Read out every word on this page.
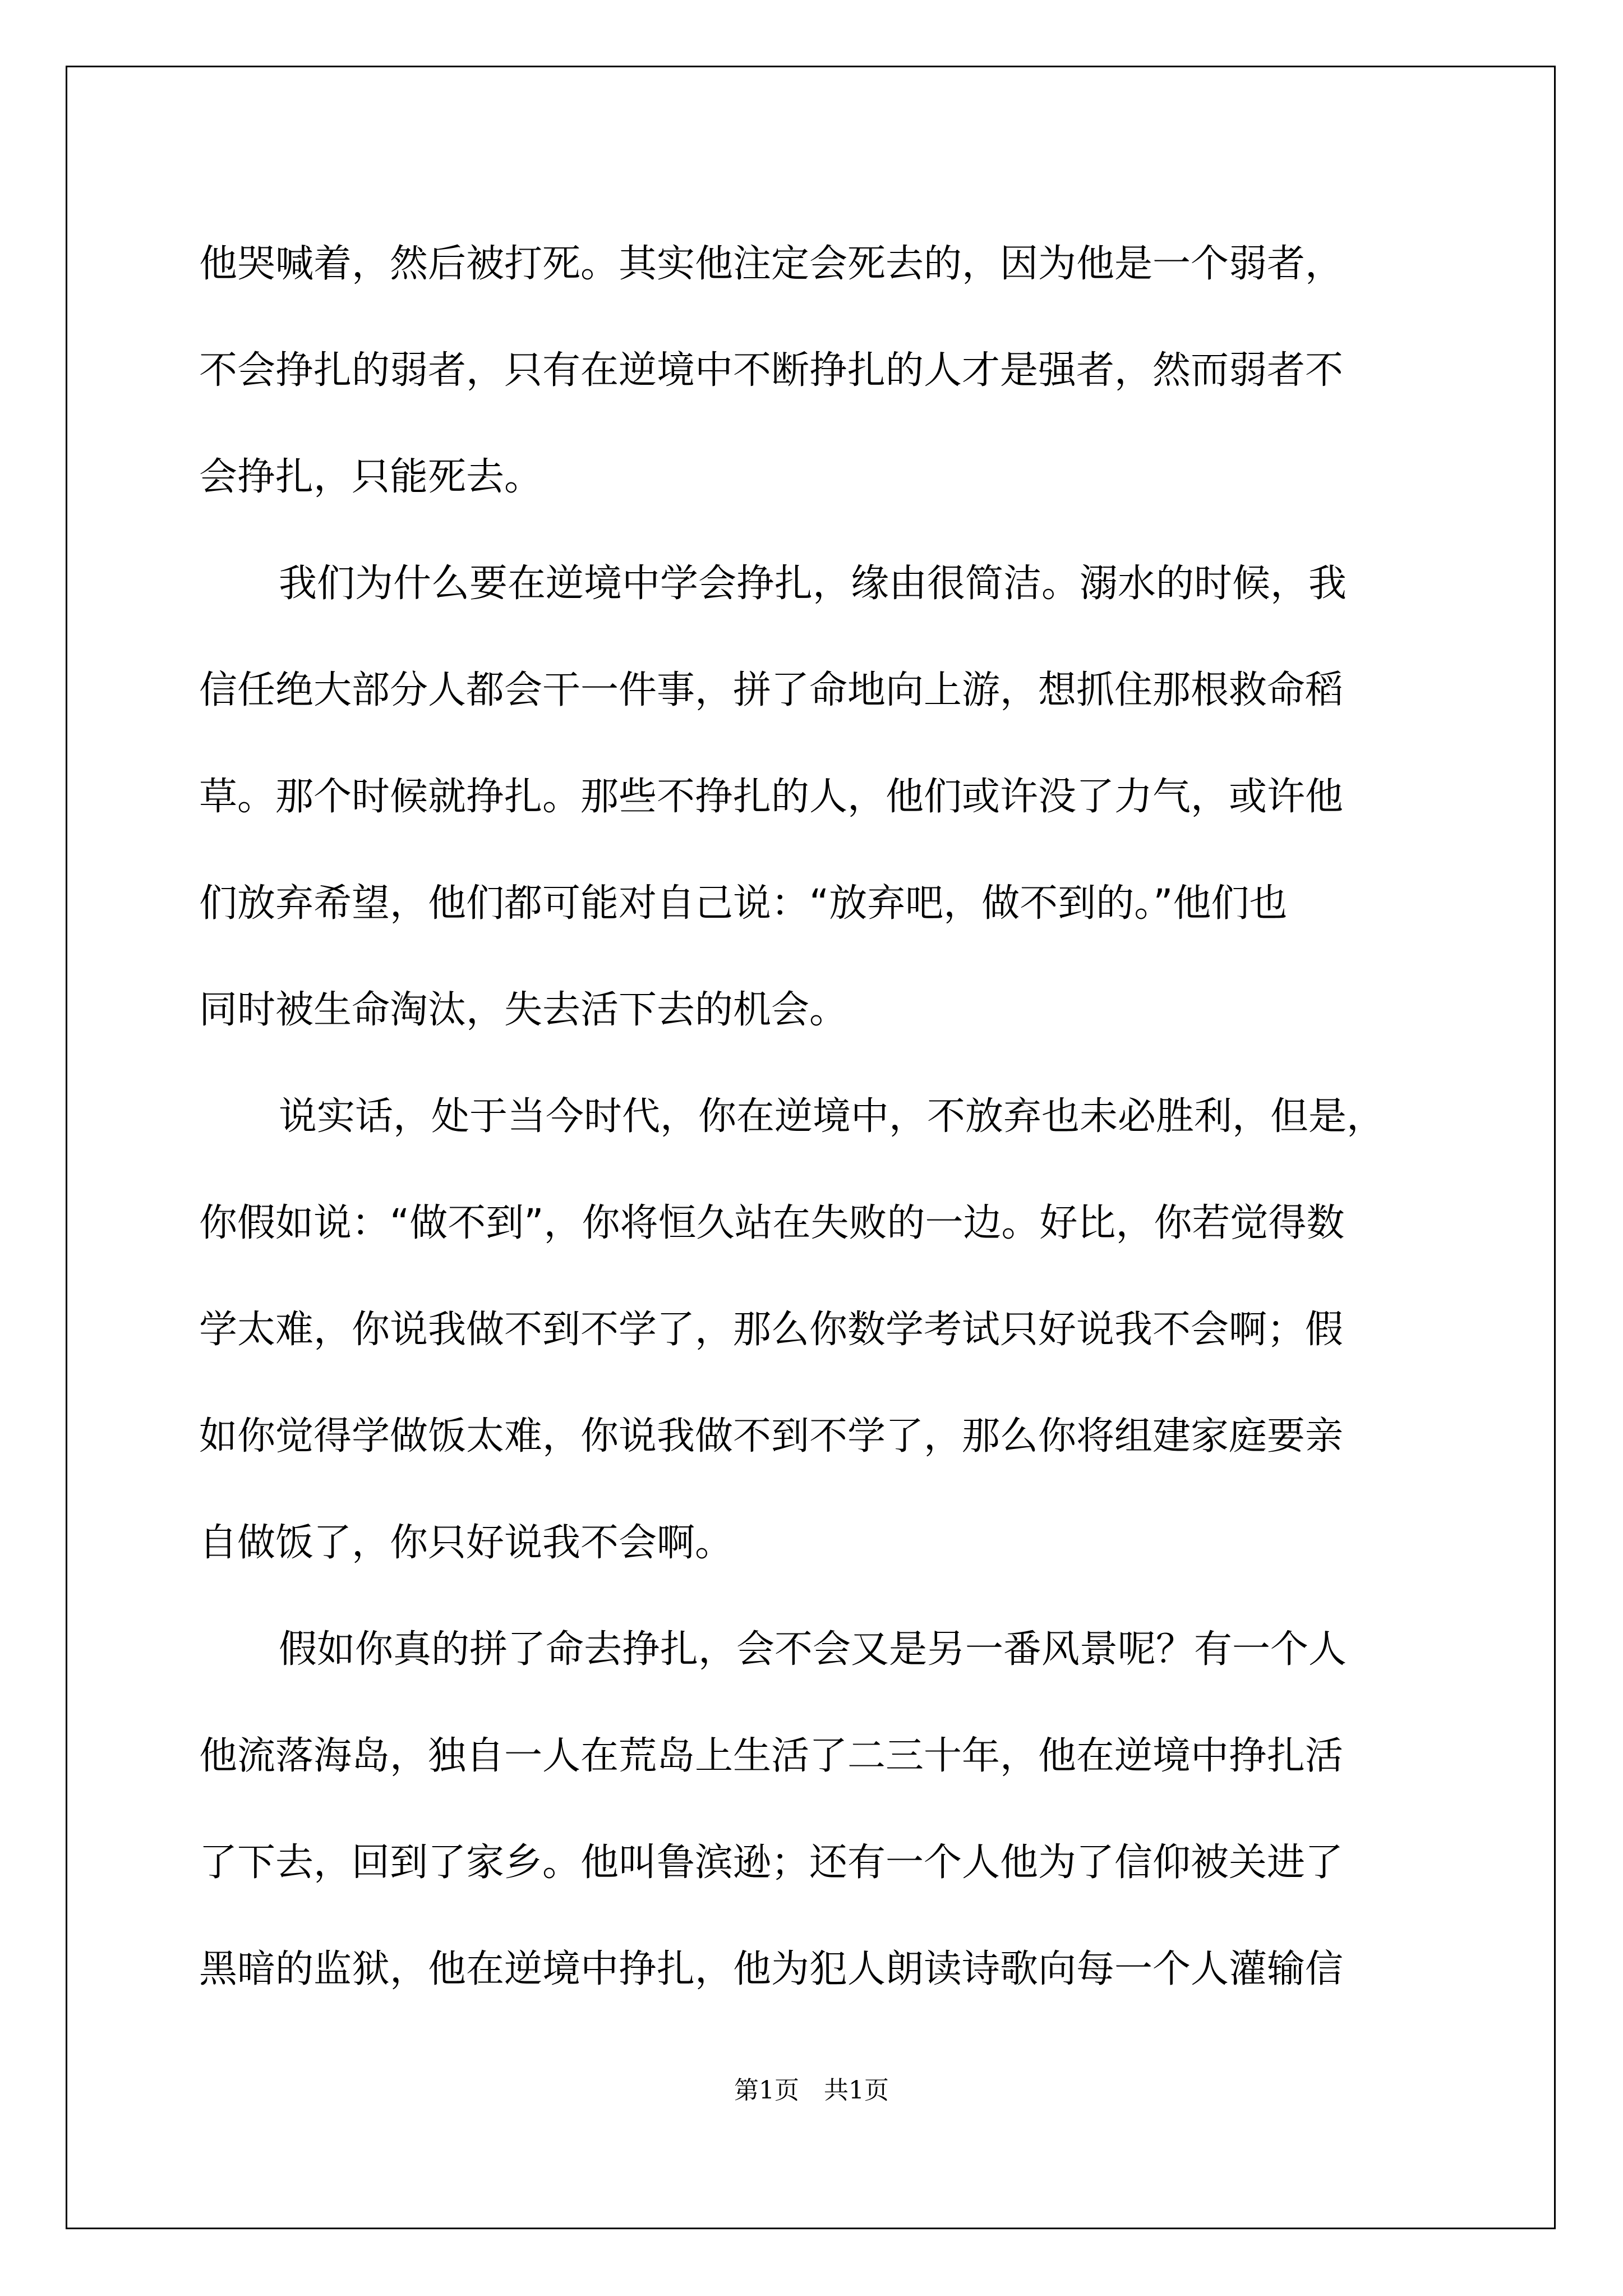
他哭喊着，然后被打死。其实他注定会死去的，因为他是一个弱者，
不会挣扎的弱者，只有在逆境中不断挣扎的人才是强者，然而弱者不
会挣扎，只能死去。
我们为什么要在逆境中学会挣扎，缘由很简洁。溺水的时候，我
信任绝大部分人都会干一件事，拼了命地向上游，想抓住那根救命稻
草。那个时候就挣扎。那些不挣扎的人，他们或许没了力气，或许他
们放弃希望，他们都可能对自己说：“放弃吧，做不到的。”他们也
同时被生命淘汰，失去活下去的机会。
说实话，处于当今时代，你在逆境中，不放弃也未必胜利，但是，
你假如说：“做不到”，你将恒久站在失败的一边。好比，你若觉得数
学太难，你说我做不到不学了，那么你数学考试只好说我不会啊；假
如你觉得学做饭太难，你说我做不到不学了，那么你将组建家庭要亲
自做饭了，你只好说我不会啊。
假如你真的拼了命去挣扎，会不会又是另一番风景呢？有一个人
他流落海岛，独自一人在荒岛上生活了二三十年，他在逆境中挣扎活
了下去，回到了家乡。他叫鲁滨逊；还有一个人他为了信仰被关进了
黑暗的监狱，他在逆境中挣扎，他为犯人朗读诗歌向每一个人灌输信
第1页 共1页
